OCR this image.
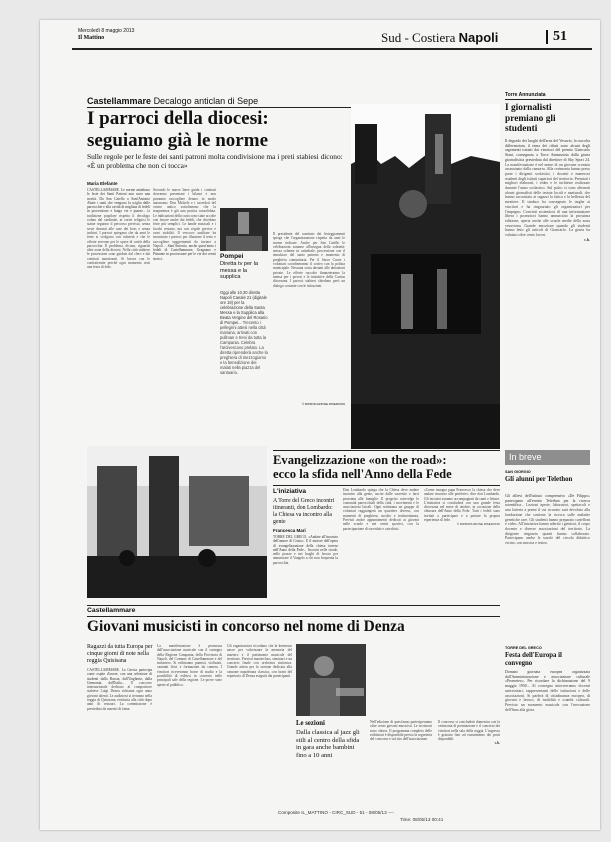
Mercoledì 8 maggio 2013
Il Mattino	Sud - Costiera Napoli	51
Castellammare Decalogo anticlan di Sepe
I parroci della diocesi:
seguiamo già le norme
Sulle regole per le feste dei santi patroni molta condivisione ma i preti stabiesi dicono: «È un problema che non ci tocca»
Maria Elefante
CASTELLAMMARE. Le norme antiabuso le feste dei Santi Patroni non sono una novità. Da San Catello a Sant'Antonio Abate i santi che vengono la sciglia dalle parrocchie e alla cavità di migliaia di fedeli in processione e lungo vie e piazze... la tradizione popolare rispetta il decalogo voluto dal cardinale, ai cortei religiosi le statue seguono il percorso previsto, senza soste davanti alle case dei boss e senza inchini. I parroci spiegano che da anni le feste si svolgono con sobrietà e che le offerte servono per le opere di carità della parrocchia. Il problema, dicono, riguarda altre zone della diocesi. Nella città stabiese le processioni sono guidate dal clero e dai comitati autorizzati. Si lavora con le confraternite perché ogni momento resti una festa di fede.
Secondo le nuove linee guida i comitati dovranno presentare i bilanci e non potranno raccogliere denaro in modo autonomo. Don Michele e i sacerdoti del centro antico sottolineano che la trasparenza è già una pratica consolidata. Le indicazioni della curia sono state accolte con favore anche dai fedeli, che chiedono feste più semplici. Le bande musicali e i fuochi restano, ma con regole precise e orari stabiliti. Il vescovo ausiliare ha incontrato i parroci per illustrare il testo e raccogliere suggerimenti da inviare a Napoli. ...Sant'Antonio, anche quest'anno i fedeli di Castellammare, Gragnano e Pimonte in processione per le vie dei centri storici.
Il presidente del comitato dei festeggiamenti spiega che l'organizzazione rispetta da anni le norme indicate. Anche per San Catello le celebrazioni saranno all'insegna della sobrietà: messa solenne in cattedrale, processione con il simulacro del santo patrono e momento di preghiera comunitaria. Per il Sacro Cuore i volontari coordineranno il corteo con la polizia municipale. Nessuna sosta davanti alle abitazioni private. Le offerte raccolte finanzieranno la mensa per i poveri e le iniziative della Caritas diocesana. I parroci stabiesi chiedono però un dialogo costante con le istituzioni.
© RIPRODUZIONE RISERVATA
Pompei
Diretta tv per la messa e la supplica
Oggi alle 10.30 diretta Napoli Canale 21 (digitale ore 18) per la celebrazione della Santa Messa e la Supplica alla Beata Vergine del Rosario di Pompei... Trecento i pellegrini attesi nella città mariana, arrivati con pullman e treni da tutta la Campania. Celebra l'arcivescovo prelato. La diretta riprenderà anche la preghiera di mezzogiorno e la benedizione dei malati nella piazza del santuario.
Torre Annunziata
I giornalisti premiano gli studenti
Il degrado dei luoghi dell'area del Vesuvio, la raccolta differenziata, il tema dei rifiuti sono alcuni degli argomenti trattati dai vincitori del premio Giancarlo Siani, consegnato a Torre Annunziata dalla giuria giornalistica presieduta dal direttore di Sky Sport 24. La manifestazione è nel nome di un giovane cronista assassinato dalla camorra. Alla cerimonia hanno preso parte i dirigenti scolastici, i docenti e numerosi studenti degli istituti superiori del territorio. Premiati i migliori elaborati, i video e le inchieste realizzate durante l'anno scolastico. Sul palco si sono alternati alcuni giornalisti delle testate locali e nazionali, che hanno raccontato ai ragazzi la fatica e la bellezza del mestiere. Il sindaco ha consegnato le targhe ai vincitori e ha ringraziato gli organizzatori per l'impegno. Convinti sostenitori di una informazione libera i promotori hanno annunciato la prossima edizione, aperta anche alle scuole medie della zona vesuviana. Grande emozione quando gli studenti hanno letto gli articoli di Giancarlo. La giuria ha valutato oltre cento lavori.
c.b.
Evangelizzazione «on the road»:
ecco la sfida nell'Anno della Fede
L'iniziativa
A Torre del Greco incontri itineranti, don Lombardo: la Chiesa va incontro alla gente
Francesca Mari
TORRE DEL GRECO. «Andate all'incontro dell'amore di Cristo». E il motore dell'opera di evangelizzazione della chiesa torrese nell'Anno della Fede... Incontri nelle strade, nelle piazze e nei luoghi di lavoro per annunciare il Vangelo a chi non frequenta la parrocchia.
Don Lombardo spiega che la Chiesa deve andare incontro alla gente, uscire dalle sacrestie e farsi prossima alle famiglie. Il progetto coinvolge le comunità parrocchiali della città, i movimenti e le associazioni laicali. Ogni settimana un gruppo di volontari raggiungerà un quartiere diverso, con momenti di preghiera, ascolto e testimonianza. Previsti anche appuntamenti dedicati ai giovani nelle scuole e nei centri sportivi, con la partecipazione di sacerdoti e catechisti.
«Come insegna papa Francesco la chiesa che deve andare incontro alle periferie» dice don Lombardo. Gli incontri saranno accompagnati da canti e letture. L'iniziativa si concluderà con una grande festa diocesana nel mese di ottobre, in occasione della chiusura dell'Anno della Fede. Tutti i fedeli sono invitati a partecipare e a portare la propria esperienza di fede.
© RIPRODUZIONE RISERVATA
In breve
SAN GIORGIO
Gli alunni per Telethon
Gli allievi dell'istituto comprensivo «De Filippo» partecipano all'evento Telethon per la ricerca scientifica... Lezioni aperte, laboratori, spettacoli e una lotteria a premi il cui ricavato sarà devoluto alla fondazione che sostiene la ricerca sulle malattie genetiche rare. Gli studenti hanno preparato cartelloni e video. All'iniziativa hanno aderito i genitori, il corpo docente e diverse associazioni del territorio. La dirigente ringrazia quanti hanno collaborato. Partecipano anche le scuole del circolo didattico vicino, con musica e teatro.
TORRE DEL GRECO
Festa dell'Europa il convegno
Domani giornata europea organizzata dall'Amministrazione e associazione culturale «Prometeo». Per ricordare la dichiarazione del 9 maggio 1950... Al convegno interverranno docenti universitari, rappresentanti delle istituzioni e delle associazioni. Si parlerà di cittadinanza europea, di giovani e lavoro, di mobilità e scambi culturali. Previsto un momento musicale con l'esecuzione dell'Inno alla gioia.
Castellammare
Giovani musicisti in concorso nel nome di Denza
Ragazzi da tutta Europa per cinque giorni di note nella reggia Quisisana
CASTELLAMMARE. La Grecia partecipa come ospite d'onore, con una selezione di studenti dalla Russia, dall'Ungheria, dalla Germania, dall'Italia... Il concorso internazionale dedicato al compositore stabiese Luigi Denza richiama ogni anno giovani talenti. Le audizioni si terranno nella reggia di Quisisana, restituita alla città dopo anni di restauri. La commissione è presieduta da maestri di fama.
La manifestazione è promossa dall'associazione musicale con il sostegno della Regione Campania, della Provincia di Napoli, del Comune di Castellammare e del ministero. Si esibiranno pianisti, violinisti, cantanti lirici e formazioni da camera. I vincitori riceveranno borse di studio e la possibilità di esibirsi in concerto nelle principali sale della regione. Le prove sono aperte al pubblico.
Gli organizzatori ricordano che la kermesse nasce per valorizzare la memoria del maestro e il patrimonio musicale del territorio. Previsti masterclass, seminari e un concerto finale con orchestra sinfonica. Grande attesa per la sezione dedicata alla canzone napoletana classica, con brani del repertorio di Denza eseguiti dai partecipanti.
Le sezioni
Dalla classica al jazz gli stili al centro della sfida in gara anche bambini fino a 10 anni
Nell'edizione di quest'anno parteciperanno oltre cento giovani musicisti. Le iscrizioni sono chiuse. Il programma completo delle esibizioni è disponibile presso la segreteria del concorso e sul sito dell'associazione.
Il concorso si concluderà domenica con la cerimonia di premiazione e il concerto dei vincitori nella sala della reggia. L'ingresso è gratuito fino ad esaurimento dei posti disponibili.
c.b.
Composite IL_MATTINO - CIRC_SUD - 51 - 08/05/13 ----
Time: 08/05/13 00:41
